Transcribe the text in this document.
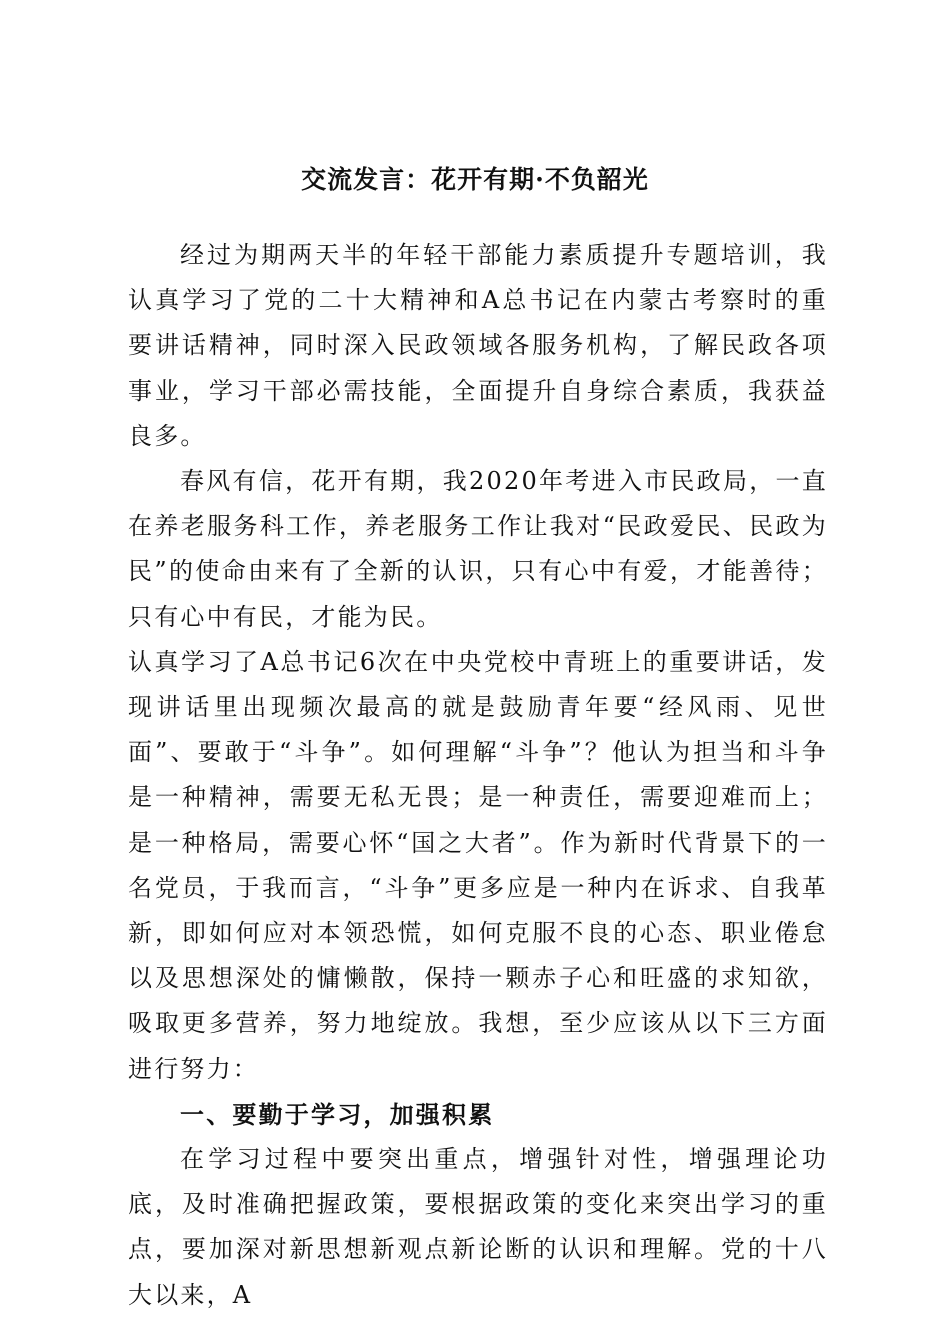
交流发言：花开有期·不负韶光

经过为期两天半的年轻干部能力素质提升专题培训，我认真学习了党的二十大精神和A总书记在内蒙古考察时的重要讲话精神，同时深入民政领域各服务机构，了解民政各项事业，学习干部必需技能，全面提升自身综合素质，我获益良多。

春风有信，花开有期，我2020年考进入市民政局，一直在养老服务科工作，养老服务工作让我对“民政爱民、民政为民”的使命由来有了全新的认识，只有心中有爱，才能善待；只有心中有民，才能为民。

认真学习了A总书记6次在中央党校中青班上的重要讲话，发现讲话里出现频次最高的就是鼓励青年要“经风雨、见世面”、要敢于“斗争”。如何理解“斗争”？他认为担当和斗争是一种精神，需要无私无畏；是一种责任，需要迎难而上；是一种格局，需要心怀“国之大者”。作为新时代背景下的一名党员，于我而言，“斗争”更多应是一种内在诉求、自我革新，即如何应对本领恐慌，如何克服不良的心态、职业倦怠以及思想深处的慵懒散，保持一颗赤子心和旺盛的求知欲，吸取更多营养，努力地绽放。我想，至少应该从以下三方面进行努力：

一、要勤于学习，加强积累

在学习过程中要突出重点，增强针对性，增强理论功底，及时准确把握政策，要根据政策的变化来突出学习的重点，要加深对新思想新观点新论断的认识和理解。党的十八大以来，A
